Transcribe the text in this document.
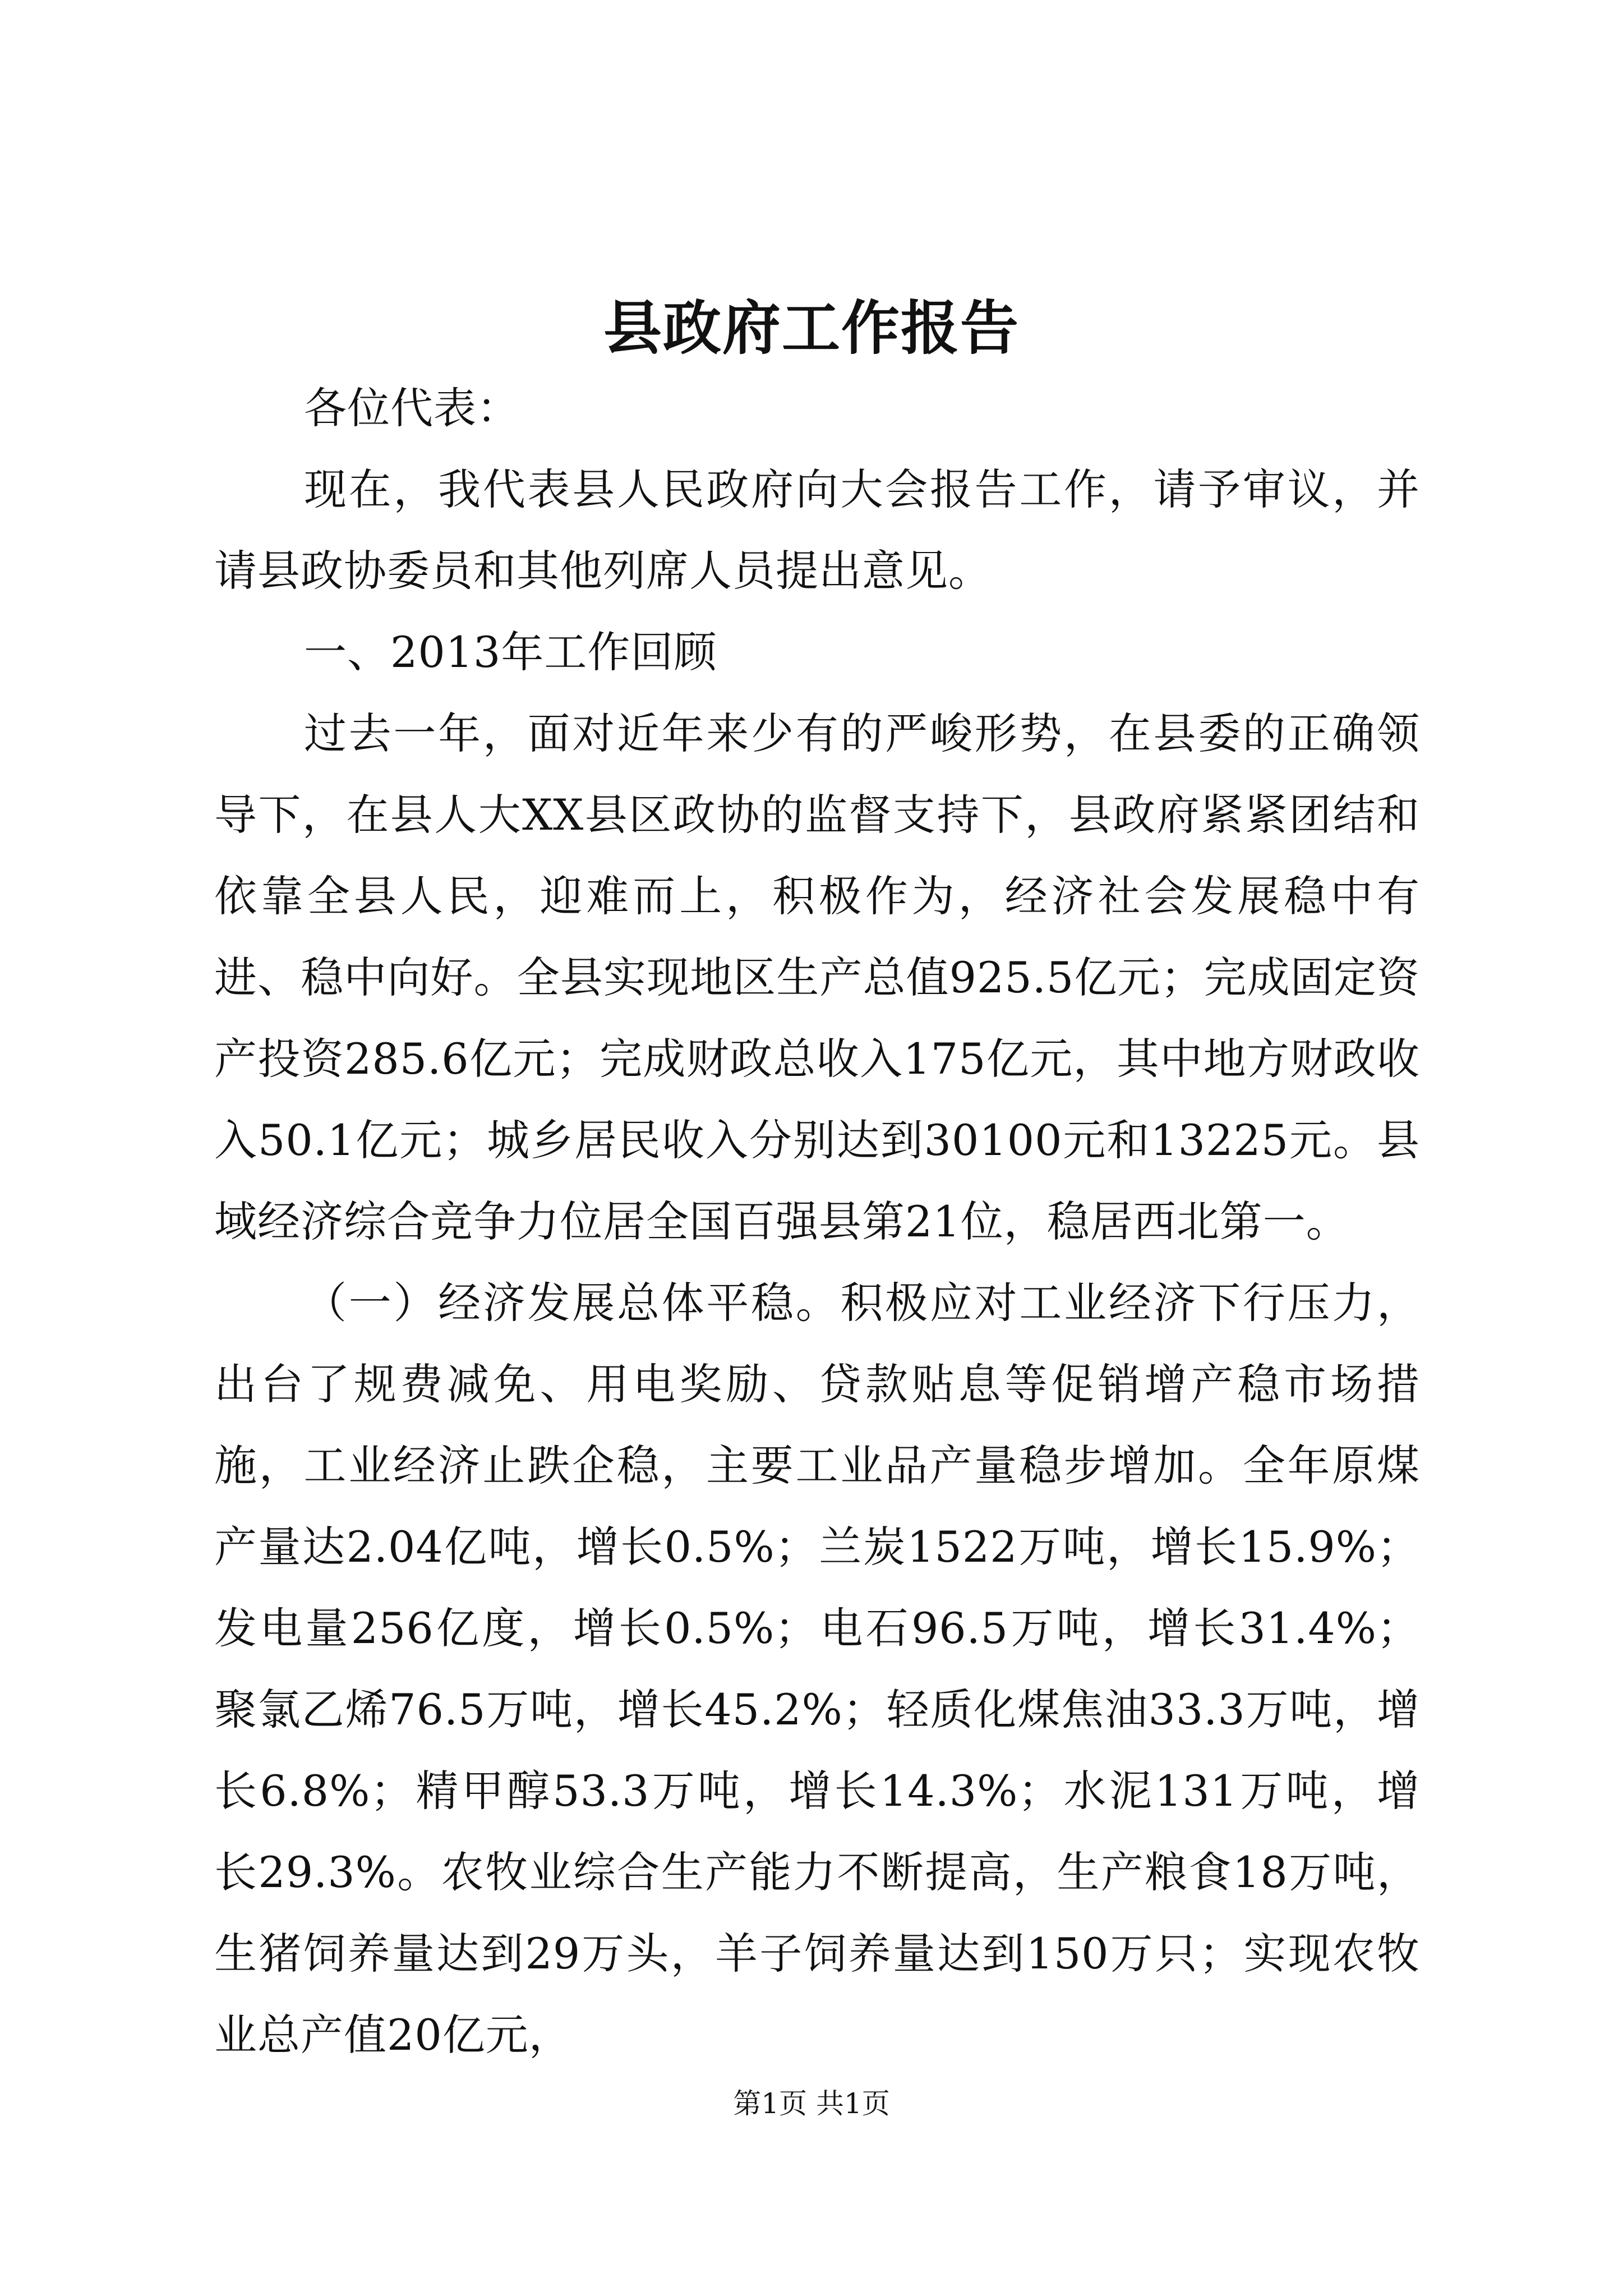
县政府工作报告

各位代表：

现在，我代表县人民政府向大会报告工作，请予审议，并请县政协委员和其他列席人员提出意见。

一、2013年工作回顾

过去一年，面对近年来少有的严峻形势，在县委的正确领导下，在县人大XX县区政协的监督支持下，县政府紧紧团结和依靠全县人民，迎难而上，积极作为，经济社会发展稳中有进、稳中向好。全县实现地区生产总值925.5亿元；完成固定资产投资285.6亿元；完成财政总收入175亿元，其中地方财政收入50.1亿元；城乡居民收入分别达到30100元和13225元。县域经济综合竞争力位居全国百强县第21位，稳居西北第一。

（一）经济发展总体平稳。积极应对工业经济下行压力，出台了规费减免、用电奖励、贷款贴息等促销增产稳市场措施，工业经济止跌企稳，主要工业品产量稳步增加。全年原煤产量达2.04亿吨，增长0.5%；兰炭1522万吨，增长15.9%；发电量256亿度，增长0.5%；电石96.5万吨，增长31.4%；聚氯乙烯76.5万吨，增长45.2%；轻质化煤焦油33.3万吨，增长6.8%；精甲醇53.3万吨，增长14.3%；水泥131万吨，增长29.3%。农牧业综合生产能力不断提高，生产粮食18万吨，生猪饲养量达到29万头，羊子饲养量达到150万只；实现农牧业总产值20亿元，

第1页 共1页
